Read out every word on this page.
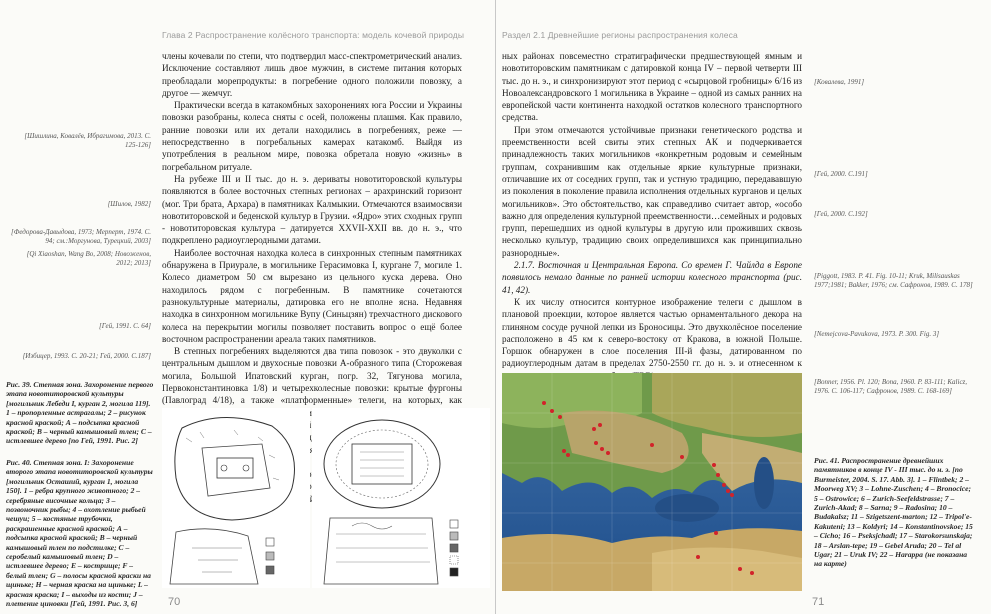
Глава 2 Распространение колёсного транспорта: модель кочевой природы

члены кочевали по степи, что подтвердил масс-спектрометрический анализ. Исключение составляют лишь двое мужчин, в системе питания которых преобладали морепродукты: в погребение одного положили повозку, а другое — жемчуг.

Практически всегда в катакомбных захоронениях юга России и Украины повозки разобраны, колеса сняты с осей, положены плашмя. Как правило, ранние повозки или их детали находились в погребениях, реже — непосредственно в погребальных камерах катакомб. Выйдя из употребления в реальном мире, повозка обретала новую «жизнь» в погребальном ритуале.

На рубеже III и II тыс. до н. э. дериваты новотиторовской культуры появляются в более восточных степных регионах – арахринский горизонт (мог. Три брата, Архара) в памятниках Калмыкии. Отмечаются взаимосвязи новотиторовской и беденской культур в Грузии. «Ядро» этих сходных групп - новотиторовская культура – датируется XXVII-XXII вв. до н. э., что подкреплено радиоуглеродными датами.

Наиболее восточная находка колеса в синхронных степным памятниках обнаружена в Приурале, в могильнике Герасимовка I, кургане 7, могиле 1. Колесо диаметром 50 см вырезано из цельного куска дерева. Оно находилось рядом с погребенным. В памятнике сочетаются разнокультурные материалы, датировка его не вполне ясна. Недавняя находка в синхронном могильнике Вупу (Синьцзян) трехчастного дискового колеса на перекрытии могилы позволяет поставить вопрос о ещё более восточном распространении ареала таких памятников.

В степных погребениях выделяются два типа повозок - это двуколки с центральным дышлом и двухосные повозки А-образного типа (Сторожевая могила, Большой Ипатовский курган, погр. 32, Тягунова могила, Первоконстантиновка 1/8) и четырехколесные повозки: крытые фургоны (Павлоград 4/18), а также «платформенные» телеги, на которых, как

[Шишлина, Ковалёв, Ибрагимова, 2013. С. 125-126]
[Шилов, 1982]
[Федорова-Давыдова, 1973; Мерперт, 1974. С. 94; см.:Моргунова, Турецкий, 2003]
[Qi Xiaoshan, Wang Bo, 2008; Новоженов, 2012; 2013]
[Гей, 1991. С. 64]
[Избицер, 1993. С. 20-21; Гей, 2000. С.187]
Рис. 39. Степная зона. Захоронение первого этапа новотиторовской культуры [могильник Лебеди I, курган 2, могила 119]. 1 – пропорленные астрагалы; 2 – рисунок красной краской; А – подсыпка красной краской; В – черный камышовый тлен; С – истлевшее дерево [по Гей, 1991. Рис. 2]
Рис. 40. Степная зона. I: Захоронение второго этапа новотиторовской культуры [могильник Осташий, курган 1, могила 150]. 1 – ребра крупного животного; 2 – серебряные височные кольца; 3 – позвоночник рыбы; 4 – охотление рыбьей чешуи; 5 – костяные трубочки, раскрашенные красной краской; А – подсыпка красной краской; В – черный камышовый тлен по подстилке; С – серобелый камышовый тлен; D – истлевшее дерево; Е – кострище; F – белый тлен; G – полосы красной краски на щиньке; Н – черная краска на щиньке; L – красная краска; I – выходы из кости; J – плетение циновки [Гей, 1991. Рис. 3, 6]	70
Раздел 2.1 Древнейшие регионы распространения колеса

ных районах повсеместно стратиграфически предшествующей ямным и новотиторовским памятникам с датировкой конца IV – первой четверти III тыс. до н. э., и синхронизируют этот период с «сырцовой гробницы» 6/16 из Новоалександровского 1 могильника в Украине – одной из самых ранних на европейской части континента находкой остатков колесного транспортного средства.

При этом отмечаются устойчивые признаки генетического родства и преемственности всей свиты этих степных АК и подчеркивается принадлежность таких могильников «конкретным родовым и семейным группам, сохранившим как отдельные яркие культурные признаки, отличавшие их от соседних групп, так и устную традицию, передававшую из поколения в поколение правила исполнения отдельных курганов и целых могильников». Это обстоятельство, как справедливо считает автор, «особо важно для определения культурной преемственности…семейных и родовых групп, перешедших из одной культуры в другую или проживших сквозь несколько культур, традицию своих определившихся как принципиально разнородные».

2.1.7. Восточная и Центральная Европа. Со времен Г. Чайлда в Европе появилось немало данные по ранней истории колесного транспорта (рис. 41, 42).

К их числу относится контурное изображение телеги с дышлом в плановой проекции, которое является частью орнаментального декора на глиняном сосуде ручной лепки из Броносицы. Это двухколёсное поселение расположено в 45 км к северо-востоку от Кракова, в южной Польше. Горшок обнаружен в слое поселения III-й фазы, датированном по радиоуглеродным датам в пределах 2750-2550 гг. до н. э. и отнесенном к

[Ковалева, 1991]
[Гей, 2000. С.191]
[Гей, 2000. С.192]
[Piggott, 1983. P. 41. Fig. 10-11; Kruk, Milisauskas 1977;1981; Bakker, 1976; см. Сафронов, 1989. С. 178]
[Nemejcova-Pavukova, 1973. P. 300. Fig. 3]
[Bonner, 1956. Pl. 120; Bona, 1960. P. 83-111; Kalicz, 1976. С. 106-117; Сафронов, 1989. С. 168-169]
Рис. 41. Распространение древнейших памятников в конце IV - III тыс. до н. э. [по Burmeister, 2004. S. 17. Abb. 3]. 1 – Flintbek; 2 – Moorweg XV; 3 – Lohne-Zuschen; 4 – Bronocice; 5 – Ostrowice; 6 – Zurich-Seefeldstrasse; 7 – Zurich-Akad; 8 – Sarna; 9 – Radosina; 10 – Budakalsz; 11 – Szigetszent-marton; 12 – Tripol'e-Kakuteni; 13 – Koldyri; 14 – Konstantinovskoe; 15 – Cicho; 16 – Pseksjchadl; 17 – Starokorsunskaja; 18 – Arslan-tepe; 19 – Gebel Aruda; 20 – Tel al Ugar; 21 – Uruk IV; 22 – Harappa (не показана на карте)
71
